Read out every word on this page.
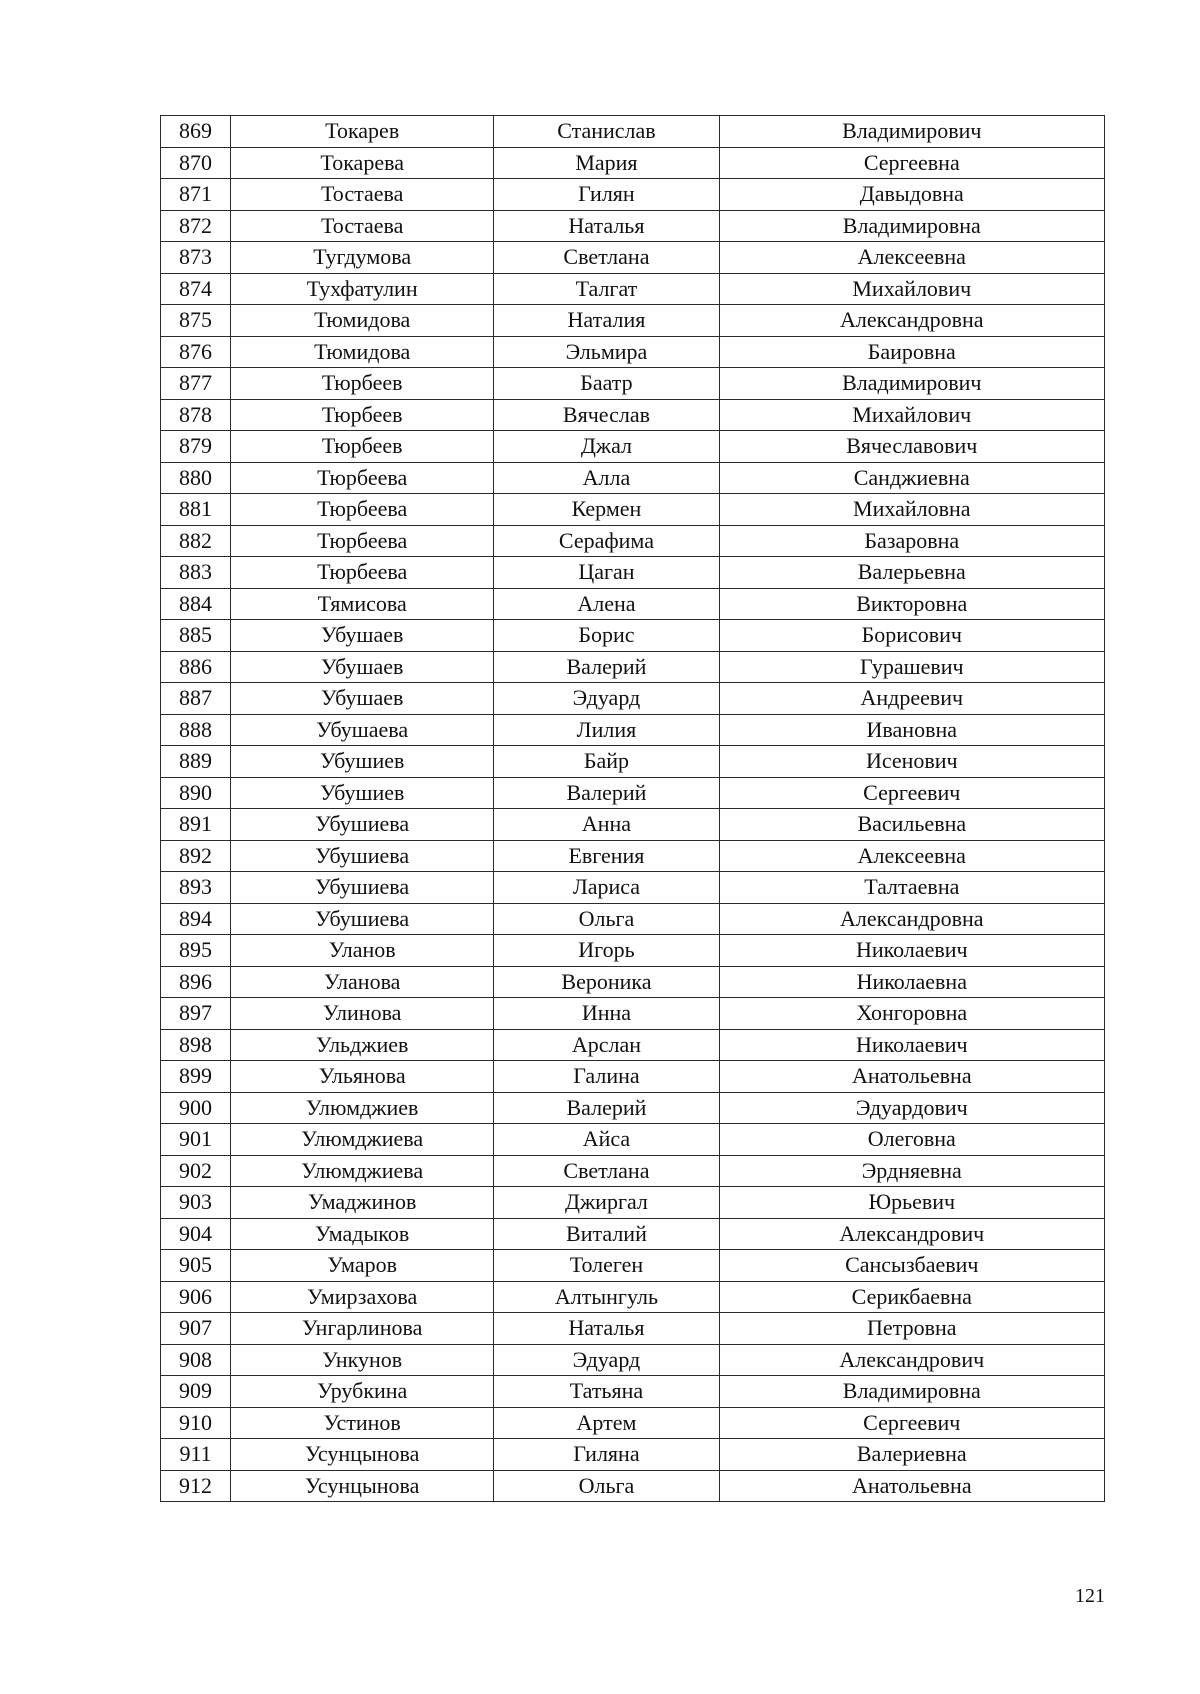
869	Токарев	Станислав	Владимирович
870	Токарева	Мария	Сергеевна
871	Тостаева	Гилян	Давыдовна
872	Тостаева	Наталья	Владимировна
873	Тугдумова	Светлана	Алексеевна
874	Тухфатулин	Талгат	Михайлович
875	Тюмидова	Наталия	Александровна
876	Тюмидова	Эльмира	Баировна
877	Тюрбеев	Баатр	Владимирович
878	Тюрбеев	Вячеслав	Михайлович
879	Тюрбеев	Джал	Вячеславович
880	Тюрбеева	Алла	Санджиевна
881	Тюрбеева	Кермен	Михайловна
882	Тюрбеева	Серафима	Базаровна
883	Тюрбеева	Цаган	Валерьевна
884	Тямисова	Алена	Викторовна
885	Убушаев	Борис	Борисович
886	Убушаев	Валерий	Гурашевич
887	Убушаев	Эдуард	Андреевич
888	Убушаева	Лилия	Ивановна
889	Убушиев	Байр	Исенович
890	Убушиев	Валерий	Сергеевич
891	Убушиева	Анна	Васильевна
892	Убушиева	Евгения	Алексеевна
893	Убушиева	Лариса	Талтаевна
894	Убушиева	Ольга	Александровна
895	Уланов	Игорь	Николаевич
896	Уланова	Вероника	Николаевна
897	Улинова	Инна	Хонгоровна
898	Ульджиев	Арслан	Николаевич
899	Ульянова	Галина	Анатольевна
900	Улюмджиев	Валерий	Эдуардович
901	Улюмджиева	Айса	Олеговна
902	Улюмджиева	Светлана	Эрдняевна
903	Умаджинов	Джиргал	Юрьевич
904	Умадыков	Виталий	Александрович
905	Умаров	Толеген	Сансызбаевич
906	Умирзахова	Алтынгуль	Серикбаевна
907	Унгарлинова	Наталья	Петровна
908	Ункунов	Эдуард	Александрович
909	Урубкина	Татьяна	Владимировна
910	Устинов	Артем	Сергеевич
911	Усунцынова	Гиляна	Валериевна
912	Усунцынова	Ольга	Анатольевна
121
